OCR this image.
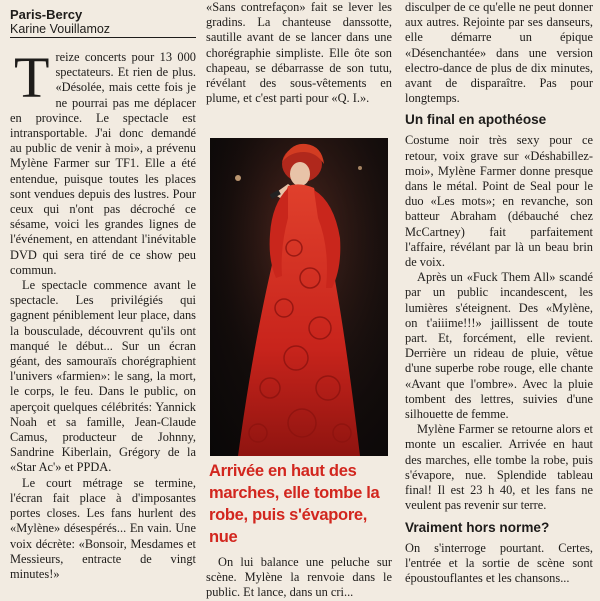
Paris-Bercy
Karine Vouillamoz

Treize concerts pour 13 000 spectateurs. Et rien de plus. «Désolée, mais cette fois je ne pourrai pas me déplacer en province. Le spectacle est intransportable. J'ai donc demandé au public de venir à moi», a prévenu Mylène Farmer sur TF1. Elle a été entendue, puisque toutes les places sont vendues depuis des lustres. Pour ceux qui n'ont pas décroché ce sésame, voici les grandes lignes de l'événement, en attendant l'inévitable DVD qui sera tiré de ce show peu commun.

Le spectacle commence avant le spectacle. Les privilégiés qui gagnent péniblement leur place, dans la bousculade, découvrent qu'ils ont manqué le début... Sur un écran géant, des samouraïs chorégraphient l'univers «farmien»: le sang, la mort, le corps, le feu. Dans le public, on aperçoit quelques célébrités: Yannick Noah et sa famille, Jean-Claude Camus, producteur de Johnny, Sandrine Kiberlain, Grégory de la «Star Ac'» et PPDA.

Le court métrage se termine, l'écran fait place à d'imposantes portes closes. Les fans hurlent des «Mylène» désespérés... En vain. Une voix décrète: «Bonsoir, Mesdames et Messieurs, entracte de vingt minutes!»

«Sans contrefaçon» fait se lever les gradins. La chanteuse danssotte, sautille avant de se lancer dans une chorégraphie simpliste. Elle ôte son chapeau, se débarrasse de son tutu, révélant des sous-vêtements en plume, et c'est parti pour «Q. I.».

Arrivée en haut des marches, elle tombe la robe, puis s'évapore, nue

On lui balance une peluche sur scène. Mylène la renvoie dans le public. Et lance, dans un cri...

disculper de ce qu'elle ne peut donner aux autres. Rejointe par ses danseurs, elle démarre un épique «Désenchantée» dans une version electro-dance de plus de dix minutes, avant de disparaître. Pas pour longtemps.

Un final en apothéose

Costume noir très sexy pour ce retour, voix grave sur «Déshabillez-moi», Mylène Farmer donne presque dans le métal. Point de Seal pour le duo «Les mots»; en revanche, son batteur Abraham (débauché chez McCartney) fait parfaitement l'affaire, révélant par là un beau brin de voix.

Après un «Fuck Them All» scandé par un public incandescent, les lumières s'éteignent. Des «Mylène, on t'aiiime!!!» jaillissent de toute part. Et, forcément, elle revient. Derrière un rideau de pluie, vêtue d'une superbe robe rouge, elle chante «Avant que l'ombre». Avec la pluie tombent des lettres, suivies d'une silhouette de femme.

Mylène Farmer se retourne alors et monte un escalier. Arrivée en haut des marches, elle tombe la robe, puis s'évapore, nue. Splendide tableau final! Il est 23 h 40, et les fans ne veulent pas revenir sur terre.

Vraiment hors norme?

On s'interroge pourtant. Certes, l'entrée et la sortie de scène sont époustouflantes et les chansons...
